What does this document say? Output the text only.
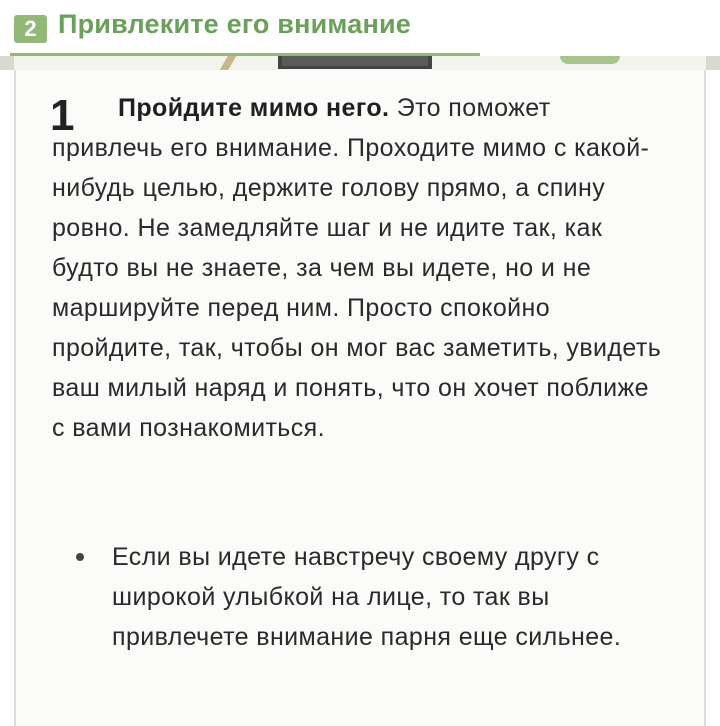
2 Привлеките его внимание
1	Пройдите мимо него. Это поможет привлечь его внимание. Проходите мимо с какой-нибудь целью, держите голову прямо, а спину ровно. Не замедляйте шаг и не идите так, как будто вы не знаете, за чем вы идете, но и не маршируйте перед ним. Просто спокойно пройдите, так, чтобы он мог вас заметить, увидеть ваш милый наряд и понять, что он хочет поближе с вами познакомиться.
Если вы идете навстречу своему другу с широкой улыбкой на лице, то так вы привлечете внимание парня еще сильнее.
